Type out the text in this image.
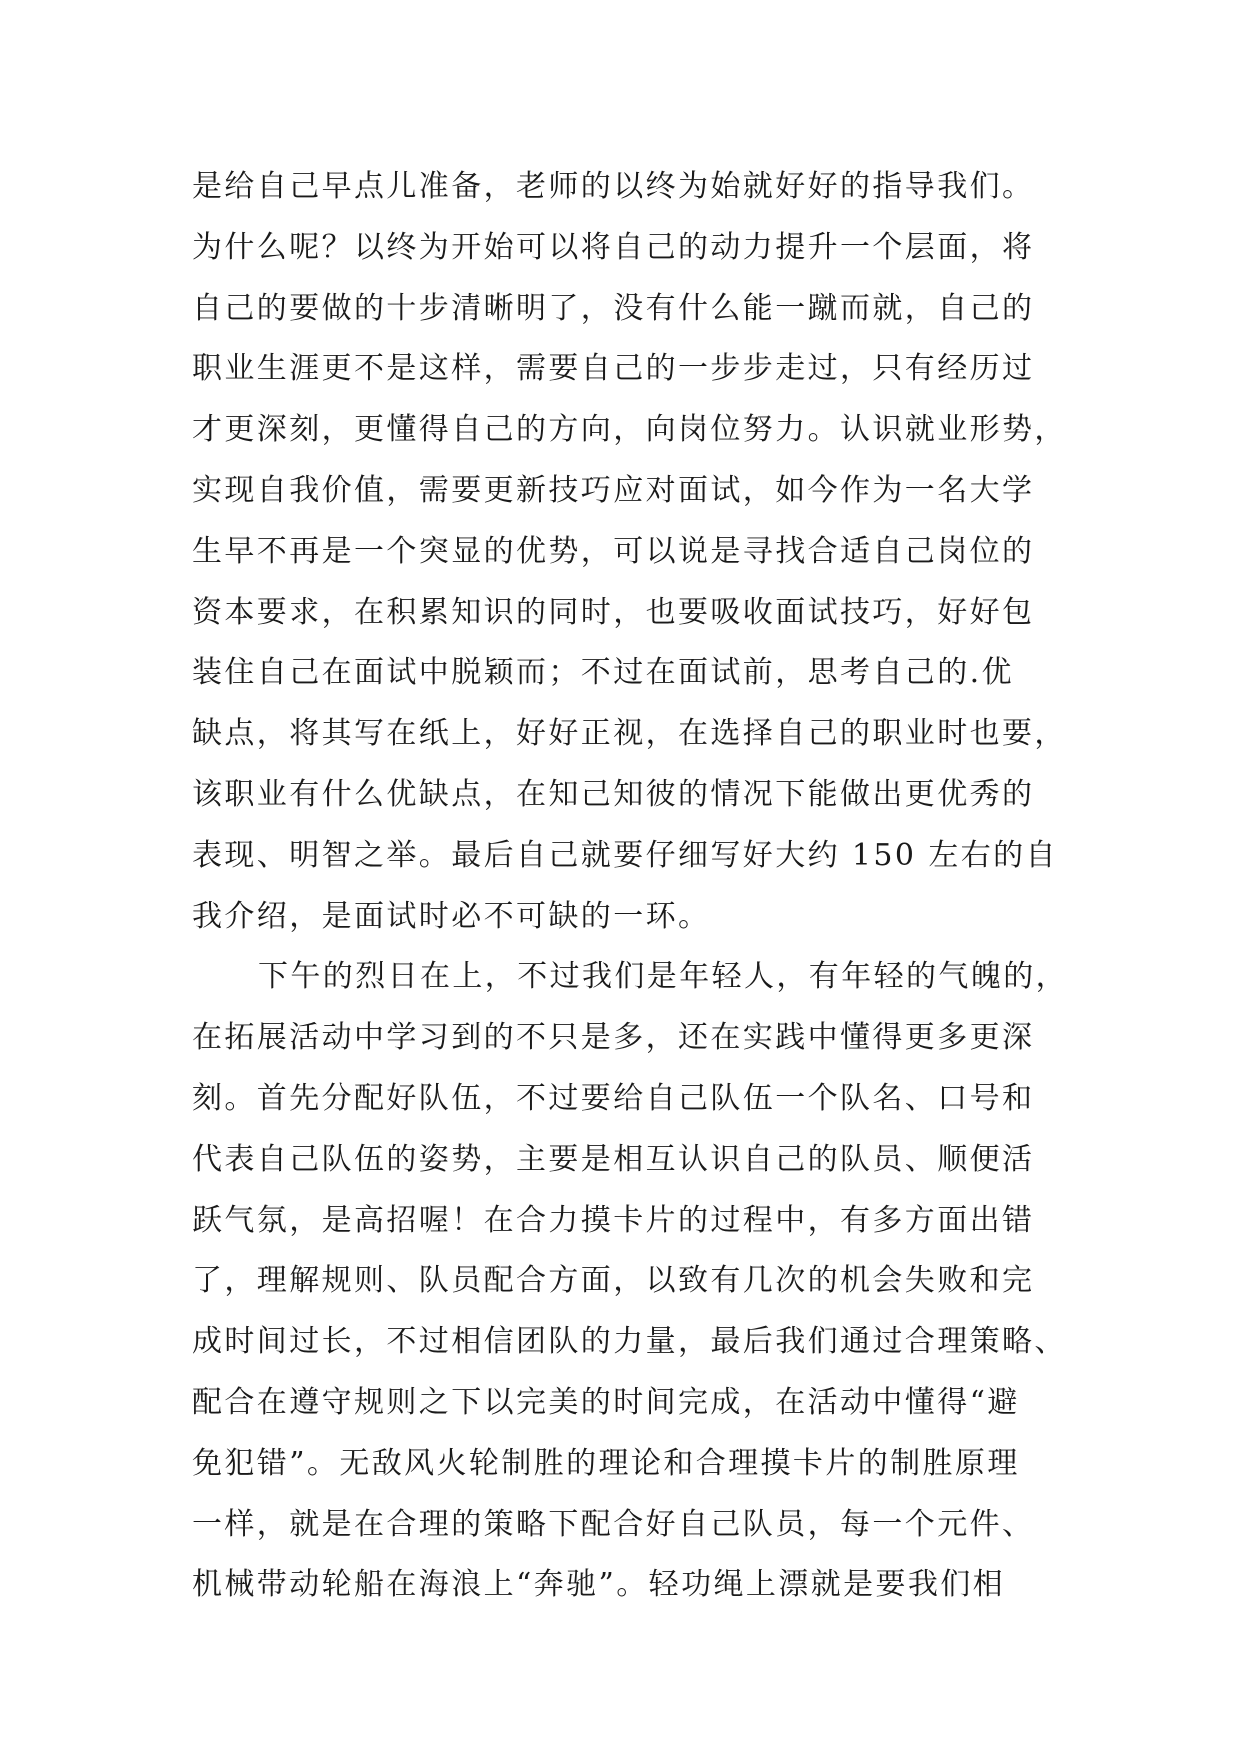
是给自己早点儿准备，老师的以终为始就好好的指导我们。
为什么呢？以终为开始可以将自己的动力提升一个层面，将
自己的要做的十步清晰明了，没有什么能一蹴而就，自己的
职业生涯更不是这样，需要自己的一步步走过，只有经历过
才更深刻，更懂得自己的方向，向岗位努力。认识就业形势，
实现自我价值，需要更新技巧应对面试，如今作为一名大学
生早不再是一个突显的优势，可以说是寻找合适自己岗位的
资本要求，在积累知识的同时，也要吸收面试技巧，好好包
装住自己在面试中脱颖而；不过在面试前，思考自己的.优
缺点，将其写在纸上，好好正视，在选择自己的职业时也要，
该职业有什么优缺点，在知己知彼的情况下能做出更优秀的
表现、明智之举。最后自己就要仔细写好大约 150 左右的自
我介绍，是面试时必不可缺的一环。
下午的烈日在上，不过我们是年轻人，有年轻的气魄的，
在拓展活动中学习到的不只是多，还在实践中懂得更多更深
刻。首先分配好队伍，不过要给自己队伍一个队名、口号和
代表自己队伍的姿势，主要是相互认识自己的队员、顺便活
跃气氛，是高招喔！在合力摸卡片的过程中，有多方面出错
了，理解规则、队员配合方面，以致有几次的机会失败和完
成时间过长，不过相信团队的力量，最后我们通过合理策略、
配合在遵守规则之下以完美的时间完成，在活动中懂得“避
免犯错”。无敌风火轮制胜的理论和合理摸卡片的制胜原理
一样，就是在合理的策略下配合好自己队员，每一个元件、
机械带动轮船在海浪上“奔驰”。轻功绳上漂就是要我们相
